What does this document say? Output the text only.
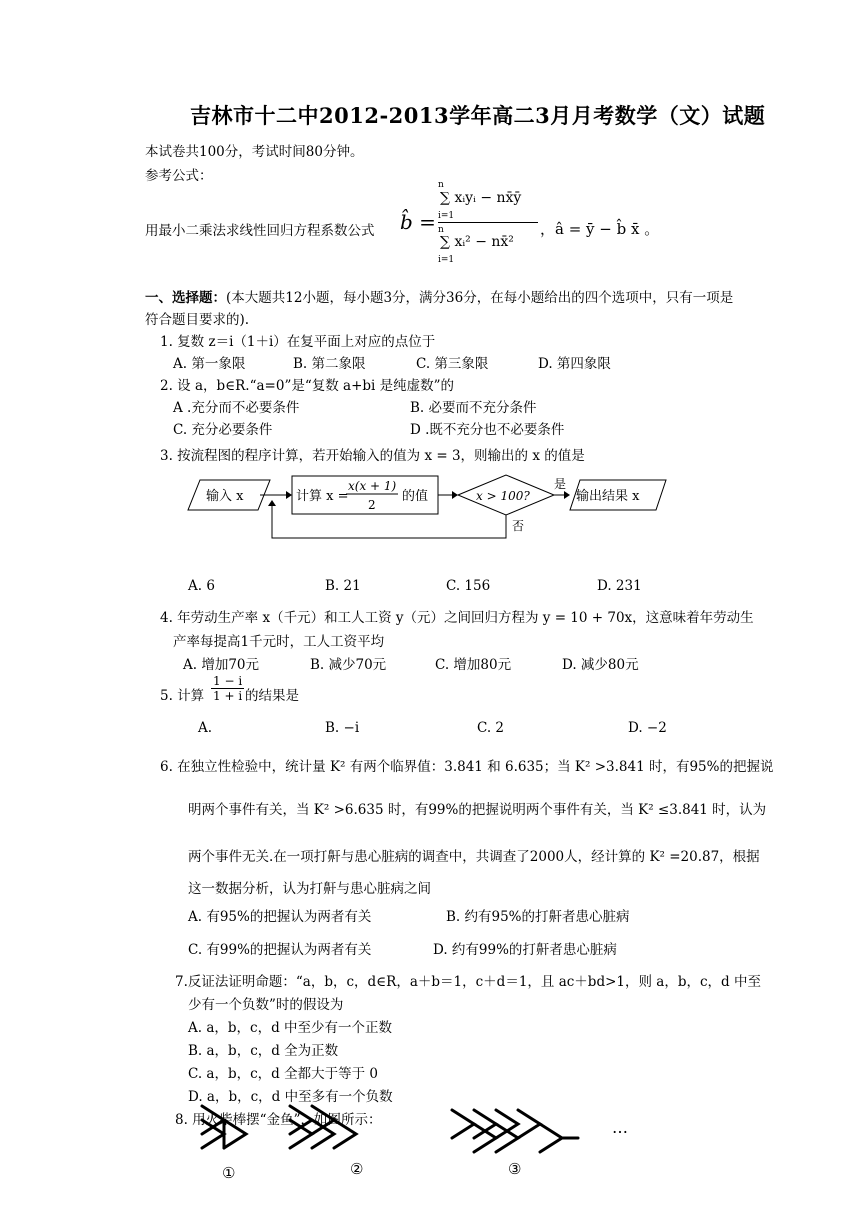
吉林市十二中2012-2013学年高二3月月考数学（文）试题
本试卷共100分，考试时间80分钟。
参考公式：
用最小二乘法求线性回归方程系数公式 b̂ =
n
∑ xᵢyᵢ − nx̄ȳ
i=1
n
∑ xᵢ² − nx̄²
i=1
，â = ȳ − b̂ x̄ 。
一、选择题：(本大题共12小题，每小题3分，满分36分，在每小题给出的四个选项中，只有一项是
符合题目要求的).
1. 复数 z＝i（1＋i）在复平面上对应的点位于
A. 第一象限	B. 第二象限	C. 第三象限	D. 第四象限
2. 设 a，b∈R.“a=0”是“复数 a+bi 是纯虚数”的
A .充分而不必要条件	B. 必要而不充分条件
C. 充分必要条件	D .既不充分也不必要条件
3. 按流程图的程序计算，若开始输入的值为 x = 3，则输出的 x 的值是
输入 x	计算 x =
x(x + 1)
2
的值	x > 100?
是
输出结果 x
否
A. 6	B. 21	C. 156	D. 231
4. 年劳动生产率 x（千元）和工人工资 y（元）之间回归方程为 y = 10 + 70x，这意味着年劳动生
产率每提高1千元时，工人工资平均
A. 增加70元	B. 减少70元	C. 增加80元	D. 减少80元
5. 计算 $\frac{1 - i}{1 + i}$ 的结果是
A.	B. −i	C. 2	D. −2
6. 在独立性检验中，统计量 K² 有两个临界值：3.841 和 6.635；当 K² >3.841 时，有95%的把握说
明两个事件有关，当 K² >6.635 时，有99%的把握说明两个事件有关，当 K² ≤3.841 时，认为
两个事件无关.在一项打鼾与患心脏病的调查中，共调查了2000人，经计算的 K² =20.87，根据
这一数据分析，认为打鼾与患心脏病之间
A. 有95%的把握认为两者有关	B. 约有95%的打鼾者患心脏病
C. 有99%的把握认为两者有关	D. 约有99%的打鼾者患心脏病
7.反证法证明命题：“a，b，c，d∈R，a＋b＝1，c＋d＝1，且 ac＋bd>1，则 a，b，c，d 中至
少有一个负数”时的假设为
A. a，b，c，d 中至少有一个正数
B. a，b，c，d 全为正数
C. a，b，c，d 全都大于等于 0
D. a，b，c，d 中至多有一个负数
8. 用火柴棒摆“金鱼”，如图所示：	…
①	②	③
